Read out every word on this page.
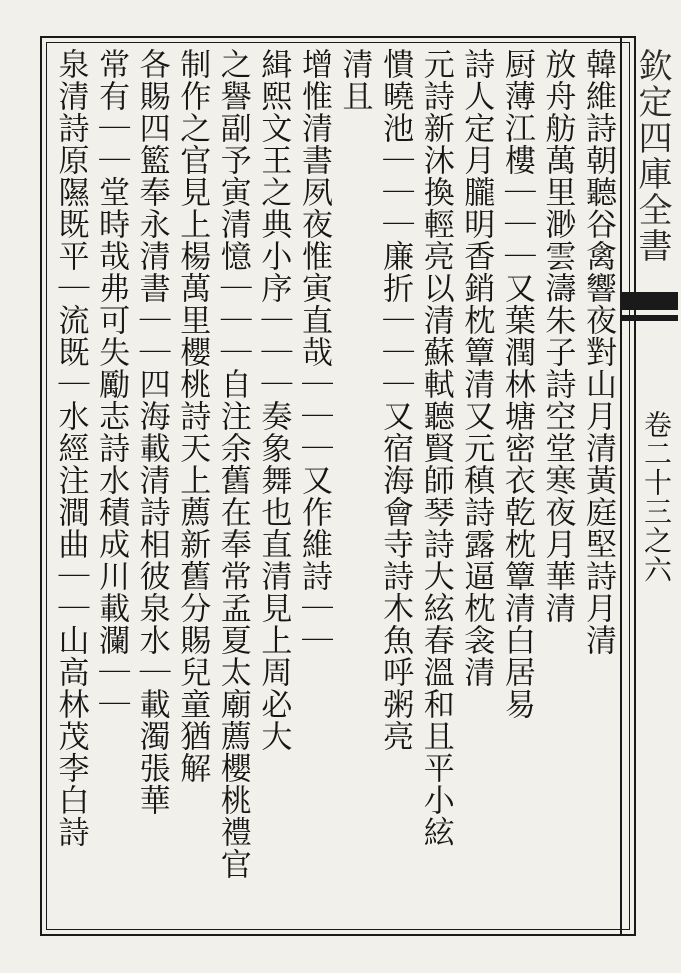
欽定四庫全書
卷二十三之六
韓維詩朝聽谷禽響夜對山月清黃庭堅詩月清
放舟舫萬里渺雲濤朱子詩空堂寒夜月華清
厨薄江樓｜｜｜又葉潤林塘密衣乾枕簟清白居易
詩人定月朧明香銷枕簟清又元稹詩露逼枕衾清
元詩新沐換輕亮以清蘇軾聽賢師琴詩大絃春溫和且平小絃
憒曉池｜｜｜廉折｜｜｜又宿海會寺詩木魚呼粥亮
清且
增惟清書夙夜惟寅直哉｜｜｜又作維詩｜｜
緝熙文王之典小序｜｜｜奏象舞也直清見上周必大
之譽副予寅清憶｜｜｜自注余舊在奉常孟夏太廟薦櫻桃禮官
制作之官見上楊萬里櫻桃詩天上薦新舊分賜兒童猶解
各賜四籃奉永清書｜｜四海載清詩相彼泉水｜載濁張華
常有｜｜堂時哉弗可失勵志詩水積成川載瀾｜｜
泉清詩原隰既平｜流既｜水經注澗曲｜｜山高林茂李白詩
